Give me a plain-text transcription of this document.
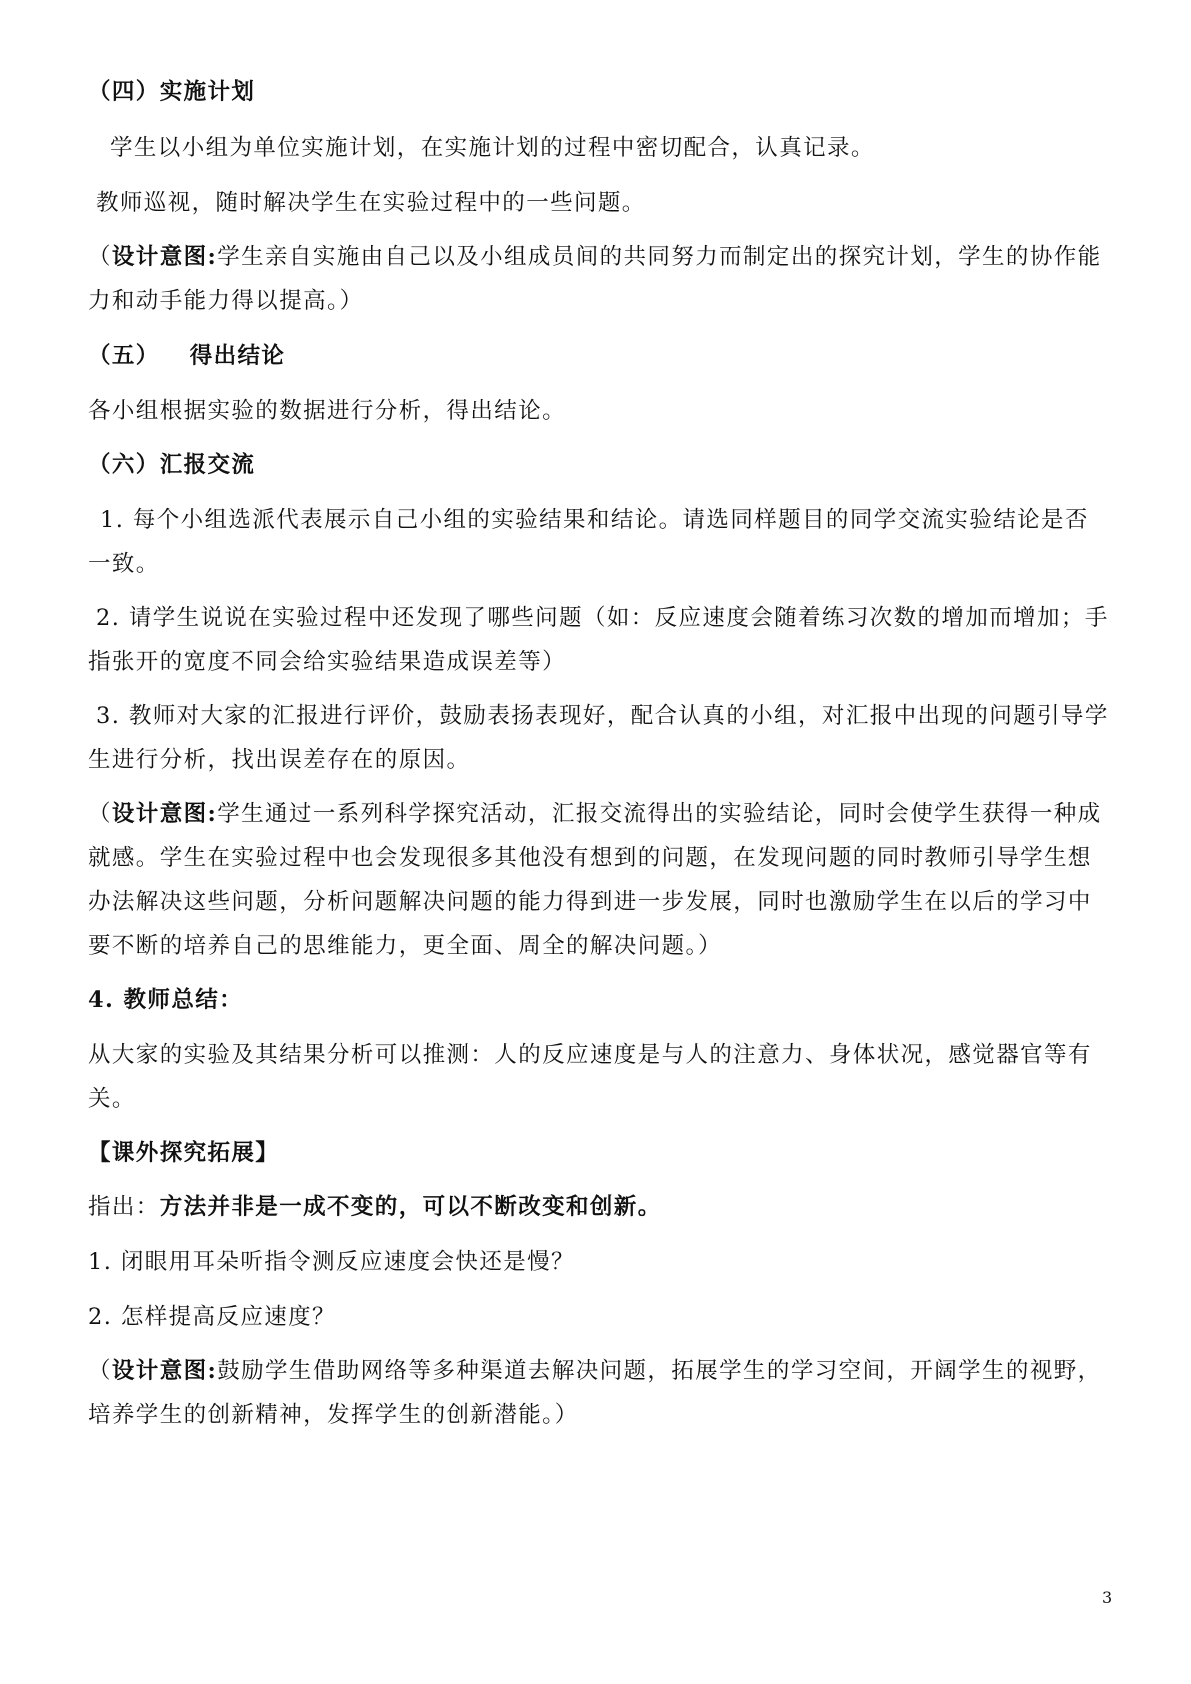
（四）实施计划
学生以小组为单位实施计划，在实施计划的过程中密切配合，认真记录。
教师巡视，随时解决学生在实验过程中的一些问题。
（设计意图:学生亲自实施由自己以及小组成员间的共同努力而制定出的探究计划，学生的协作能
力和动手能力得以提高。）
（五） 得出结论
各小组根据实验的数据进行分析，得出结论。
（六）汇报交流
1. 每个小组选派代表展示自己小组的实验结果和结论。请选同样题目的同学交流实验结论是否
一致。
2. 请学生说说在实验过程中还发现了哪些问题（如：反应速度会随着练习次数的增加而增加；手
指张开的宽度不同会给实验结果造成误差等）
3. 教师对大家的汇报进行评价，鼓励表扬表现好，配合认真的小组，对汇报中出现的问题引导学
生进行分析，找出误差存在的原因。
（设计意图:学生通过一系列科学探究活动，汇报交流得出的实验结论，同时会使学生获得一种成
就感。学生在实验过程中也会发现很多其他没有想到的问题，在发现问题的同时教师引导学生想
办法解决这些问题，分析问题解决问题的能力得到进一步发展，同时也激励学生在以后的学习中
要不断的培养自己的思维能力，更全面、周全的解决问题。）
4. 教师总结：
从大家的实验及其结果分析可以推测：人的反应速度是与人的注意力、身体状况，感觉器官等有
关。
【课外探究拓展】
指出：方法并非是一成不变的，可以不断改变和创新。
1. 闭眼用耳朵听指令测反应速度会快还是慢？
2. 怎样提高反应速度？
（设计意图:鼓励学生借助网络等多种渠道去解决问题，拓展学生的学习空间，开阔学生的视野，
培养学生的创新精神，发挥学生的创新潜能。）
3
